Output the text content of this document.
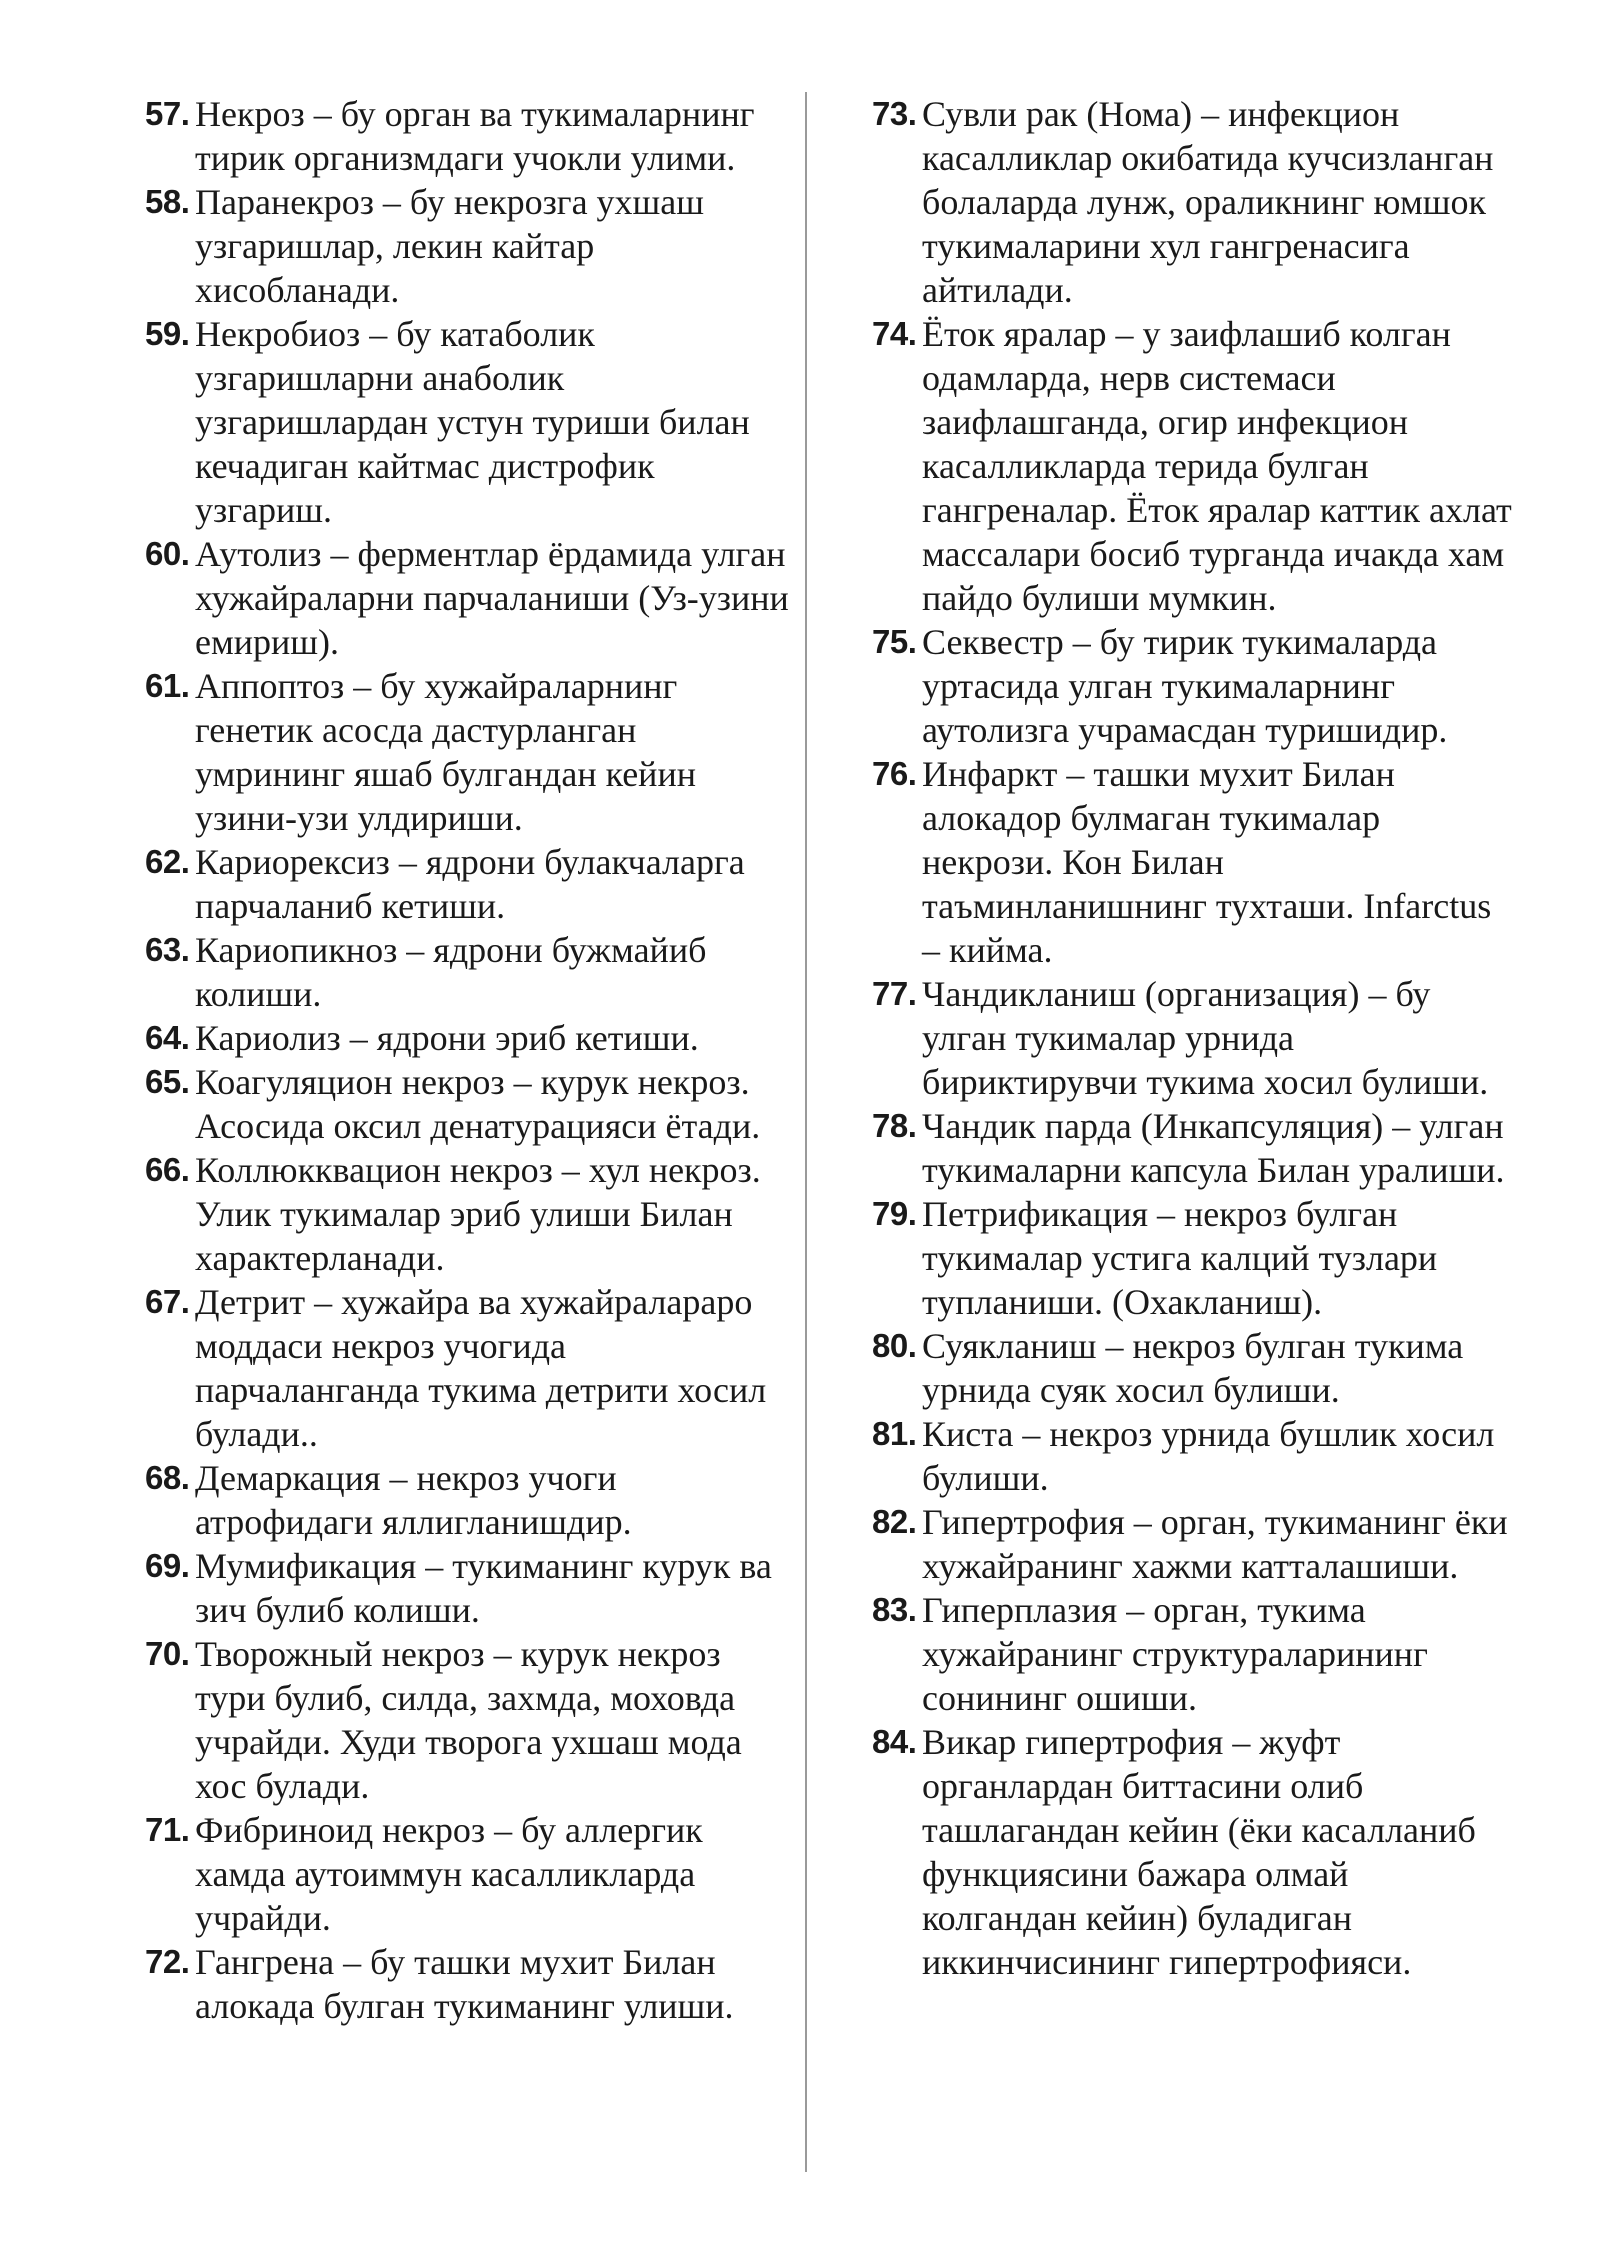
57. Некроз – бу орган ва тукималарнинг тирик организмдаги учокли улими.

58. Паранекроз – бу некрозга ухшаш узгаришлар, лекин кайтар хисобланади.

59. Некробиоз – бу катаболик узгаришларни анаболик узгаришлардан устун туриши билан кечадиган кайтмас дистрофик узгариш.

60. Аутолиз – ферментлар ёрдамида улган хужайраларни парчаланиши (Уз-узини емириш).

61. Аппоптоз – бу хужайраларнинг генетик асосда дастурланган умрининг яшаб булгандан кейин узини-узи улдириши.

62. Кариорексиз – ядрони булакчаларга парчаланиб кетиши.

63. Кариопикноз – ядрони бужмайиб колиши.

64. Кариолиз – ядрони эриб кетиши.

65. Коагуляцион некроз – курук некроз. Асосида оксил денатурацияси ётади.

66. Коллюкквацион некроз – хул некроз. Улик тукималар эриб улиши Билан характерланади.

67. Детрит – хужайра ва хужайралараро моддаси некроз учогида парчаланганда тукима детрити хосил булади..

68. Демаркация – некроз учоги атрофидаги яллигланишдир.

69. Мумификация – тукиманинг курук ва зич булиб колиши.

70. Творожный некроз – курук некроз тури булиб, силда, захмда, моховда учрайди. Худи творога ухшаш мода хос булади.

71. Фибриноид некроз – бу аллергик хамда аутоиммун касалликларда учрайди.

72. Гангрена – бу ташки мухит Билан алокада булган тукиманинг улиши.

73. Сувли рак (Нома) – инфекцион касалликлар окибатида кучсизланган болаларда лунж, ораликнинг юмшок тукималарини хул гангренасига айтилади.

74. Ёток яралар – у заифлашиб колган одамларда, нерв системаси заифлашганда, огир инфекцион касалликларда терида булган гангреналар. Ёток яралар каттик ахлат массалари босиб турганда ичакда хам пайдо булиши мумкин.

75. Секвестр – бу тирик тукималарда уртасида улган тукималарнинг аутолизга учрамасдан туришидир.

76. Инфаркт – ташки мухит Билан алокадор булмаган тукималар некрози. Кон Билан таъминланишнинг тухташи. Infarctus – кийма.

77. Чандикланиш (организация) – бу улган тукималар урнида бириктирувчи тукима хосил булиши.

78. Чандик парда (Инкапсуляция) – улган тукималарни капсула Билан уралиши.

79. Петрификация – некроз булган тукималар устига калций тузлари тупланиши. (Охакланиш).

80. Суякланиш – некроз булган тукима урнида суяк хосил булиши.

81. Киста – некроз урнида бушлик хосил булиши.

82. Гипертрофия – орган, тукиманинг ёки хужайранинг хажми катталашиши.

83. Гиперплазия – орган, тукима хужайранинг структураларининг сонининг ошиши.

84. Викар гипертрофия – жуфт органлардан биттасини олиб ташлагандан кейин (ёки касалланиб функциясини бажара олмай колгандан кейин) буладиган иккинчисининг гипертрофияси.
